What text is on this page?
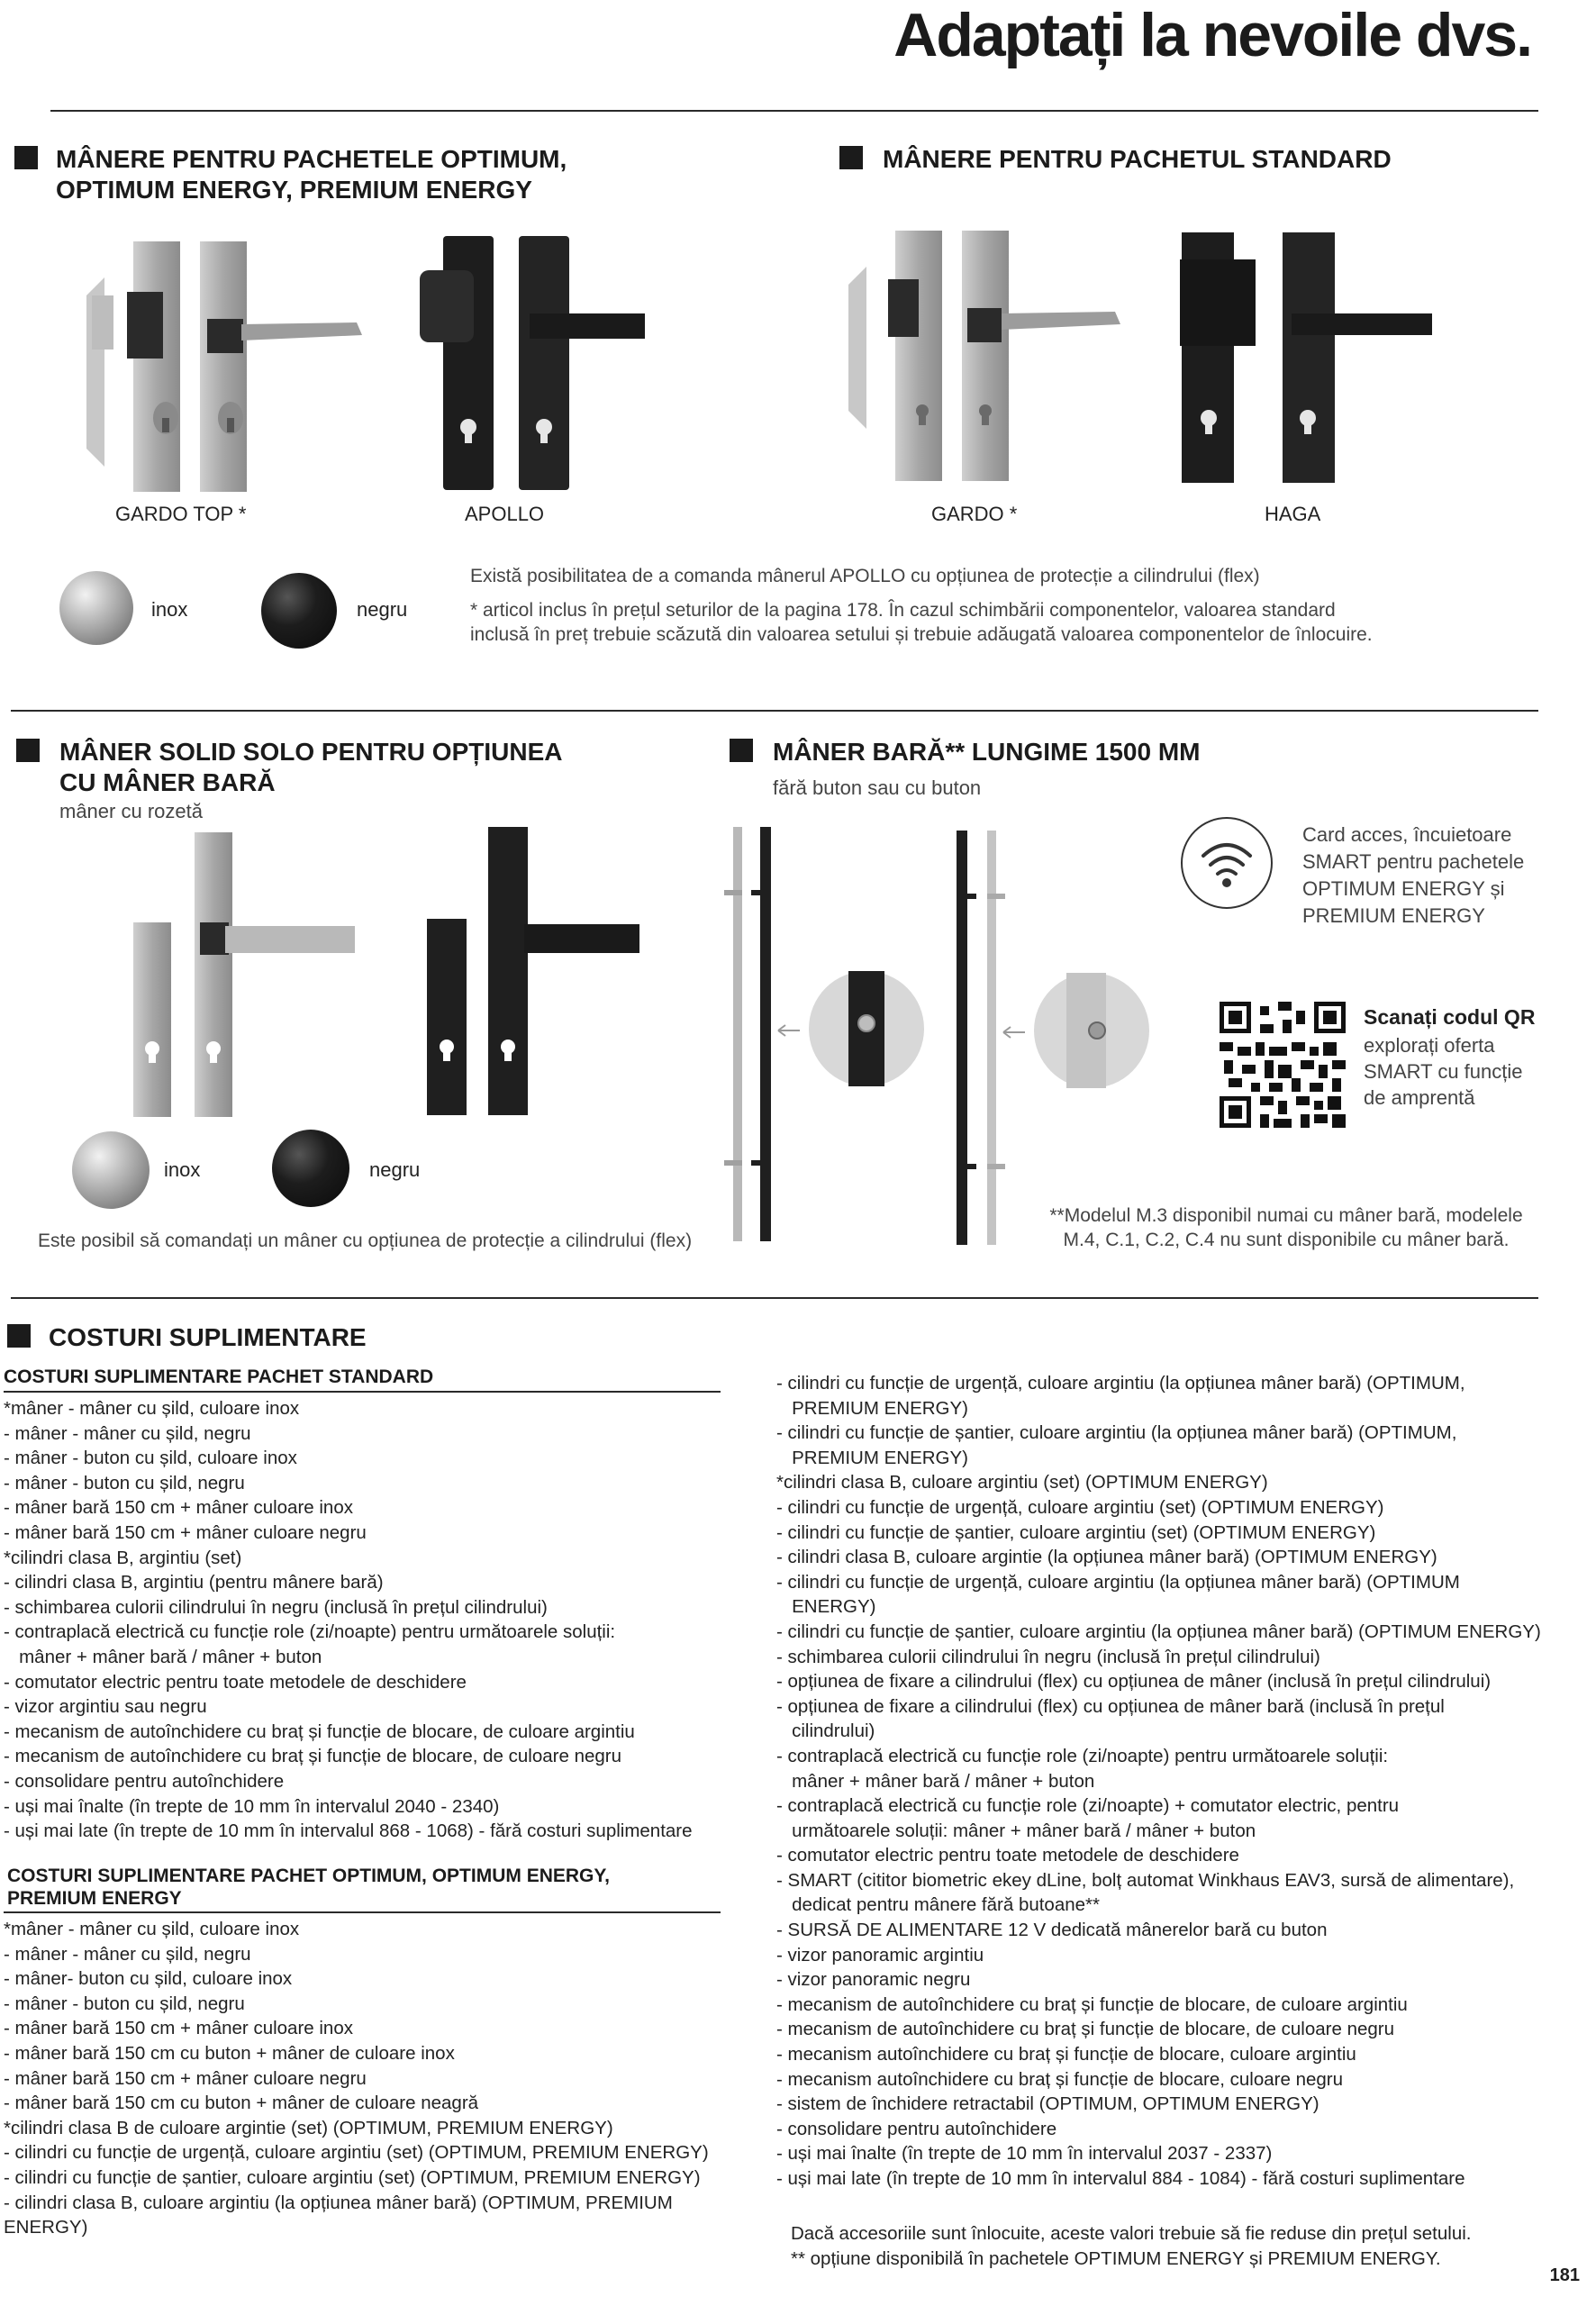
Adaptați la nevoile dvs.
MÂNERE PENTRU PACHETELE OPTIMUM, OPTIMUM ENERGY, PREMIUM ENERGY
MÂNERE PENTRU PACHETUL STANDARD
GARDO TOP *	APOLLO	GARDO *	HAGA
inox	negru
Există posibilitatea de a comanda mânerul APOLLO cu opțiunea de protecție a cilindrului (flex)
* articol inclus în prețul seturilor de la pagina 178. În cazul schimbării componentelor, valoarea standard inclusă în preț trebuie scăzută din valoarea setului și trebuie adăugată valoarea componentelor de înlocuire.
MÂNER SOLID SOLO PENTRU OPȚIUNEA CU MÂNER BARĂ
mâner cu rozetă
MÂNER BARĂ** LUNGIME 1500 MM
fără buton sau cu buton
inox	negru
Este posibil să comandați un mâner cu opțiunea de protecție a cilindrului (flex)
Card acces, încuietoare SMART pentru pachetele OPTIMUM ENERGY și PREMIUM ENERGY
Scanați codul QR
explorați oferta SMART cu funcție de amprentă
**Modelul M.3 disponibil numai cu mâner bară, modelele M.4, C.1, C.2, C.4 nu sunt disponibile cu mâner bară.
COSTURI SUPLIMENTARE
COSTURI SUPLIMENTARE PACHET STANDARD
*mâner - mâner cu șild, culoare inox
- mâner - mâner cu șild, negru
- mâner - buton cu șild, culoare inox
- mâner - buton cu șild, negru
- mâner bară 150 cm + mâner culoare inox
- mâner bară 150 cm + mâner culoare negru
*cilindri clasa B, argintiu (set)
- cilindri clasa B, argintiu (pentru mânere bară)
- schimbarea culorii cilindrului în negru (inclusă în prețul cilindrului)
- contraplacă electrică cu funcție role (zi/noapte) pentru următoarele soluții:
mâner + mâner bară / mâner + buton
- comutator electric pentru toate metodele de deschidere
- vizor argintiu sau negru
- mecanism de autoînchidere cu braț și funcție de blocare, de culoare argintiu
- mecanism de autoînchidere cu braț și funcție de blocare, de culoare negru
- consolidare pentru autoînchidere
- uși mai înalte (în trepte de 10 mm în intervalul 2040 - 2340)
- uși mai late (în trepte de 10 mm în intervalul 868 - 1068) - fără costuri suplimentare
COSTURI SUPLIMENTARE PACHET OPTIMUM, OPTIMUM ENERGY, PREMIUM ENERGY
*mâner - mâner cu șild, culoare inox
- mâner - mâner cu șild, negru
- mâner- buton cu șild, culoare inox
- mâner - buton cu șild, negru
- mâner bară 150 cm + mâner culoare inox
- mâner bară 150 cm cu buton + mâner de culoare inox
- mâner bară 150 cm + mâner culoare negru
- mâner bară 150 cm cu buton + mâner de culoare neagră
*cilindri clasa B de culoare argintie (set) (OPTIMUM, PREMIUM ENERGY)
- cilindri cu funcție de urgență, culoare argintiu (set) (OPTIMUM, PREMIUM ENERGY)
- cilindri cu funcție de șantier, culoare argintiu (set) (OPTIMUM, PREMIUM ENERGY)
- cilindri clasa B, culoare argintiu (la opțiunea mâner bară) (OPTIMUM, PREMIUM ENERGY)
- cilindri cu funcție de urgență, culoare argintiu (la opțiunea mâner bară) (OPTIMUM,
PREMIUM ENERGY)
- cilindri cu funcție de șantier, culoare argintiu (la opțiunea mâner bară) (OPTIMUM,
PREMIUM ENERGY)
*cilindri clasa B, culoare argintiu (set) (OPTIMUM ENERGY)
- cilindri cu funcție de urgență, culoare argintiu (set) (OPTIMUM ENERGY)
- cilindri cu funcție de șantier, culoare argintiu (set) (OPTIMUM ENERGY)
- cilindri clasa B, culoare argintie (la opțiunea mâner bară) (OPTIMUM ENERGY)
- cilindri cu funcție de urgență, culoare argintiu (la opțiunea mâner bară) (OPTIMUM
ENERGY)
- cilindri cu funcție de șantier, culoare argintiu (la opțiunea mâner bară) (OPTIMUM ENERGY)
- schimbarea culorii cilindrului în negru (inclusă în prețul cilindrului)
- opțiunea de fixare a cilindrului (flex) cu opțiunea de mâner (inclusă în prețul cilindrului)
- opțiunea de fixare a cilindrului (flex) cu opțiunea de mâner bară (inclusă în prețul
cilindrului)
- contraplacă electrică cu funcție role (zi/noapte) pentru următoarele soluții:
mâner + mâner bară / mâner + buton
- contraplacă electrică cu funcție role (zi/noapte) + comutator electric, pentru
următoarele soluții: mâner + mâner bară / mâner + buton
- comutator electric pentru toate metodele de deschidere
- SMART (cititor biometric ekey dLine, bolț automat Winkhaus EAV3, sursă de alimentare),
dedicat pentru mânere fără butoane**
- SURSĂ DE ALIMENTARE 12 V dedicată mânerelor bară cu buton
- vizor panoramic argintiu
- vizor panoramic negru
- mecanism de autoînchidere cu braț și funcție de blocare, de culoare argintiu
- mecanism de autoînchidere cu braț și funcție de blocare, de culoare negru
- mecanism autoînchidere cu braț și funcție de blocare, culoare argintiu
- mecanism autoînchidere cu braț și funcție de blocare, culoare negru
- sistem de închidere retractabil (OPTIMUM, OPTIMUM ENERGY)
- consolidare pentru autoînchidere
- uși mai înalte (în trepte de 10 mm în intervalul 2037 - 2337)
- uși mai late (în trepte de 10 mm în intervalul 884 - 1084) - fără costuri suplimentare
Dacă accesoriile sunt înlocuite, aceste valori trebuie să fie reduse din prețul setului.
** opțiune disponibilă în pachetele OPTIMUM ENERGY și PREMIUM ENERGY.
181
